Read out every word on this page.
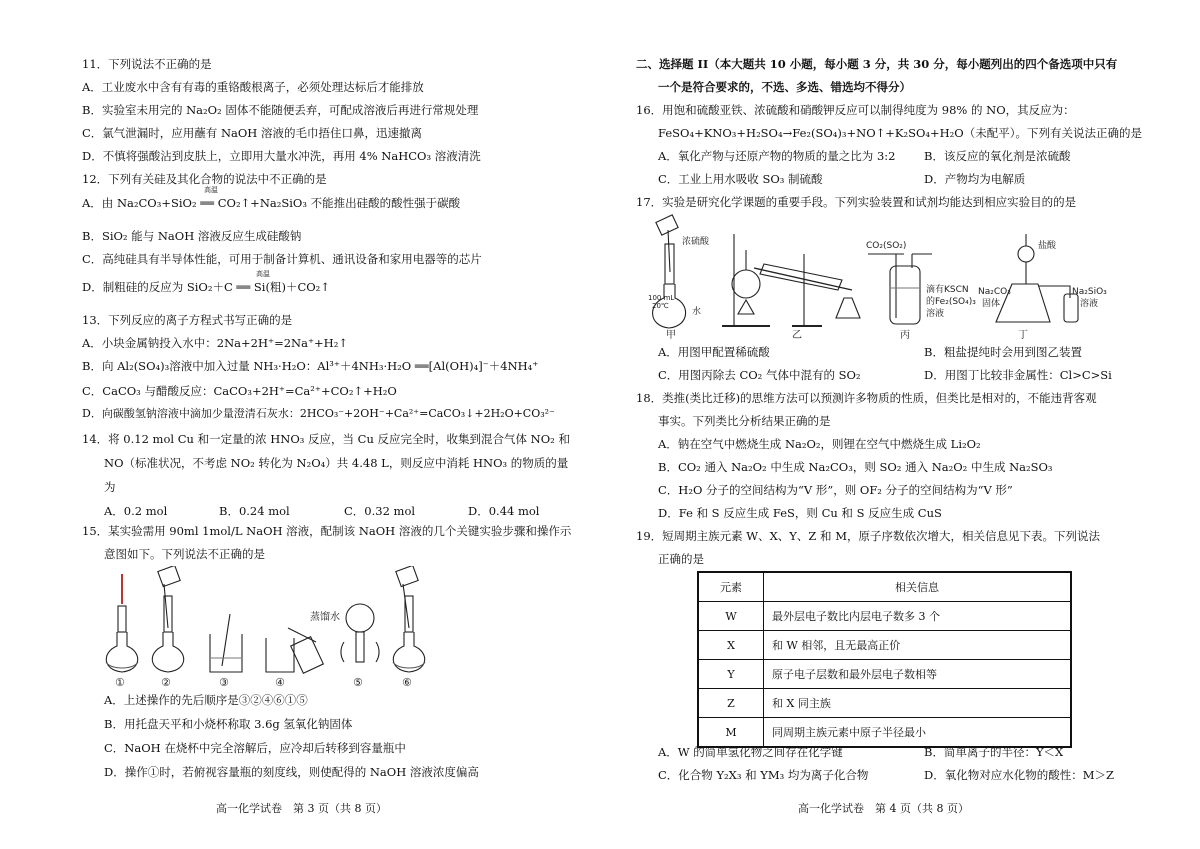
11．下列说法不正确的是
A．工业废水中含有有毒的重铬酸根离子，必须处理达标后才能排放
B．实验室未用完的 Na₂O₂ 固体不能随便丢弃，可配成溶液后再进行常规处理
C．氯气泄漏时，应用蘸有 NaOH 溶液的毛巾捂住口鼻，迅速撤离
D．不慎将强酸沾到皮肤上，立即用大量水冲洗，再用 4% NaHCO₃ 溶液清洗
12．下列有关硅及其化合物的说法中不正确的是
高温
A．由 Na₂CO₃+SiO₂ ══ CO₂↑+Na₂SiO₃ 不能推出硅酸的酸性强于碳酸
B．SiO₂ 能与 NaOH 溶液反应生成硅酸钠
C．高纯硅具有半导体性能，可用于制备计算机、通讯设备和家用电器等的芯片
高温
D．制粗硅的反应为 SiO₂＋C ══ Si(粗)＋CO₂↑
13．下列反应的离子方程式书写正确的是
A．小块金属钠投入水中：2Na+2H⁺=2Na⁺+H₂↑
B．向 Al₂(SO₄)₃溶液中加入过量 NH₃·H₂O：Al³⁺＋4NH₃·H₂O ══[Al(OH)₄]⁻＋4NH₄⁺
C．CaCO₃ 与醋酸反应：CaCO₃+2H⁺=Ca²⁺+CO₂↑+H₂O
D．向碳酸氢钠溶液中滴加少量澄清石灰水：2HCO₃⁻+2OH⁻+Ca²⁺=CaCO₃↓+2H₂O+CO₃²⁻
14．将 0.12 mol Cu 和一定量的浓 HNO₃ 反应，当 Cu 反应完全时，收集到混合气体 NO₂ 和
NO（标准状况，不考虑 NO₂ 转化为 N₂O₄）共 4.48 L，则反应中消耗 HNO₃ 的物质的量
为
A．0.2 mol	B．0.24 mol	C．0.32 mol	D．0.44 mol
15．某实验需用 90ml 1mol/L NaOH 溶液，配制该 NaOH 溶液的几个关键实验步骤和操作示
意图如下。下列说法不正确的是
蒸馏水
①	②	③	④	⑤	⑥
A．上述操作的先后顺序是③②④⑥①⑤
B．用托盘天平和小烧杯称取 3.6g 氢氧化钠固体
C．NaOH 在烧杯中完全溶解后，应冷却后转移到容量瓶中
D．操作①时，若俯视容量瓶的刻度线，则使配得的 NaOH 溶液浓度偏高
高一化学试卷　第 3 页（共 8 页）
二、选择题 II（本大题共 10 小题，每小题 3 分，共 30 分，每小题列出的四个备选项中只有
一个是符合要求的，不选、多选、错选均不得分）
16．用饱和硫酸亚铁、浓硫酸和硝酸钾反应可以制得纯度为 98% 的 NO，其反应为：
FeSO₄+KNO₃+H₂SO₄→Fe₂(SO₄)₃+NO↑+K₂SO₄+H₂O（未配平）。下列有关说法正确的是
A．氧化产物与还原产物的物质的量之比为 3:2 B．该反应的氧化剂是浓硫酸
C．工业上用水吸收 SO₃ 制硫酸	D．产物均为电解质
17．实验是研究化学课题的重要手段。下列实验装置和试剂均能达到相应实验目的的是
浓硫酸
100 mL
20℃
水
CO₂(SO₂)
滴有KSCN
的Fe₂(SO₄)₃
溶液
盐酸
Na₂CO₃
固体
Na₂SiO₃
溶液
甲	乙	丙	丁
A．用图甲配置稀硫酸	B．粗盐提纯时会用到图乙装置
C．用图丙除去 CO₂ 气体中混有的 SO₂	D．用图丁比较非金属性：Cl>C>Si
18．类推(类比迁移)的思维方法可以预测许多物质的性质，但类比是相对的，不能违背客观
事实。下列类比分析结果正确的是
A．钠在空气中燃烧生成 Na₂O₂，则锂在空气中燃烧生成 Li₂O₂
B．CO₂ 通入 Na₂O₂ 中生成 Na₂CO₃，则 SO₂ 通入 Na₂O₂ 中生成 Na₂SO₃
C．H₂O 分子的空间结构为“V 形”，则 OF₂ 分子的空间结构为“V 形”
D．Fe 和 S 反应生成 FeS，则 Cu 和 S 反应生成 CuS
19．短周期主族元素 W、X、Y、Z 和 M，原子序数依次增大，相关信息见下表。下列说法
正确的是
元素	相关信息
W	最外层电子数比内层电子数多 3 个
X	和 W 相邻，且无最高正价
Y	原子电子层数和最外层电子数相等
Z	和 X 同主族
M	同周期主族元素中原子半径最小
A．W 的简单氢化物之间存在化学键	B．简单离子的半径：Y＜X
C．化合物 Y₂X₃ 和 YM₃ 均为离子化合物	D．氧化物对应水化物的酸性：M＞Z
高一化学试卷　第 4 页（共 8 页）
